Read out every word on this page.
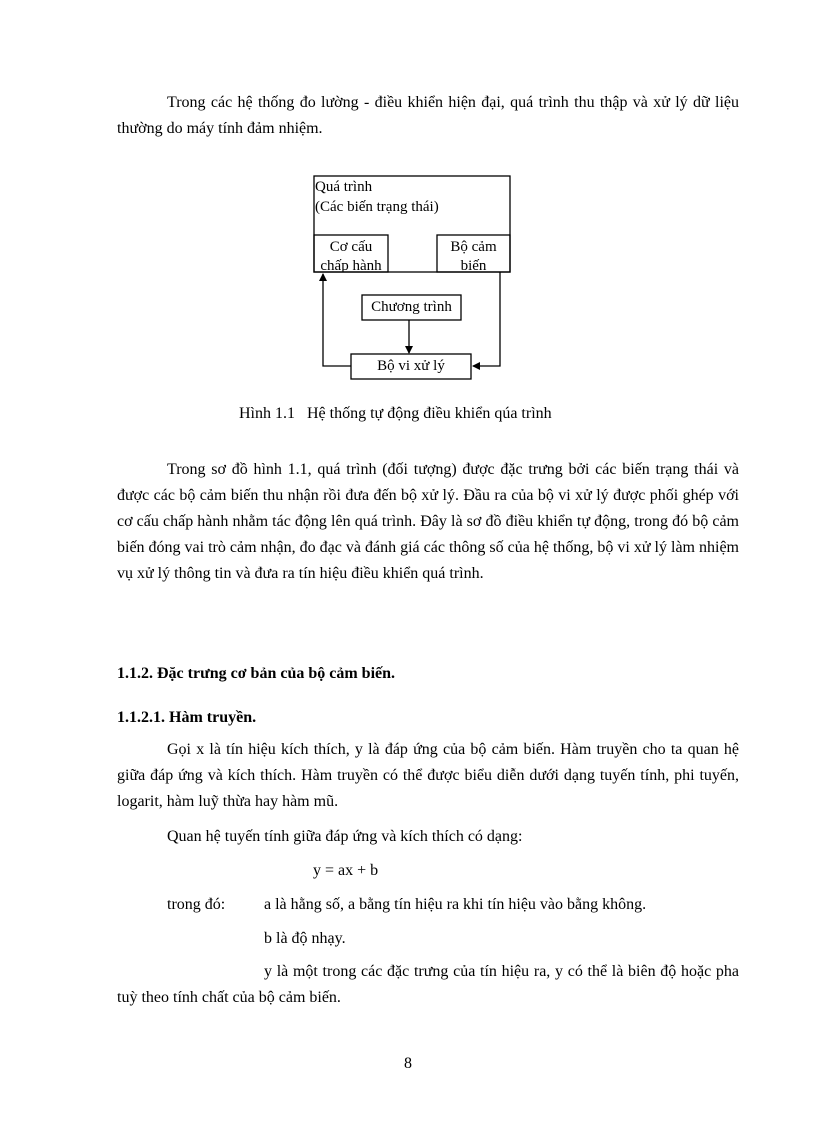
Trong các hệ thống đo lường - điều khiển hiện đại, quá trình thu thập và xử lý dữ liệu thường do máy tính đảm nhiệm.

Quá trình
(Các biến trạng thái)
Cơ cấu
chấp hành
Bộ cảm
biến
Chương trình
Bộ vi xử lý
Hình 1.1 Hệ thống tự động điều khiển qúa trình

Trong sơ đồ hình 1.1, quá trình (đối tượng) được đặc trưng bởi các biến trạng thái và được các bộ cảm biến thu nhận rồi đưa đến bộ xử lý. Đầu ra của bộ vi xử lý được phối ghép với cơ cấu chấp hành nhằm tác động lên quá trình. Đây là sơ đồ điều khiển tự động, trong đó bộ cảm biến đóng vai trò cảm nhận, đo đạc và đánh giá các thông số của hệ thống, bộ vi xử lý làm nhiệm vụ xử lý thông tin và đưa ra tín hiệu điều khiển quá trình.

1.1.2. Đặc trưng cơ bản của bộ cảm biến.

1.1.2.1. Hàm truyền.

Gọi x là tín hiệu kích thích, y là đáp ứng của bộ cảm biến. Hàm truyền cho ta quan hệ giữa đáp ứng và kích thích. Hàm truyền có thể được biểu diễn dưới dạng tuyến tính, phi tuyến, logarit, hàm luỹ thừa hay hàm mũ.

Quan hệ tuyến tính giữa đáp ứng và kích thích có dạng:
y = ax + b
trong đó: a là hằng số, a bằng tín hiệu ra khi tín hiệu vào bằng không.
b là độ nhạy.

y là một trong các đặc trưng của tín hiệu ra, y có thể là biên độ hoặc pha tuỳ theo tính chất của bộ cảm biến.

8
